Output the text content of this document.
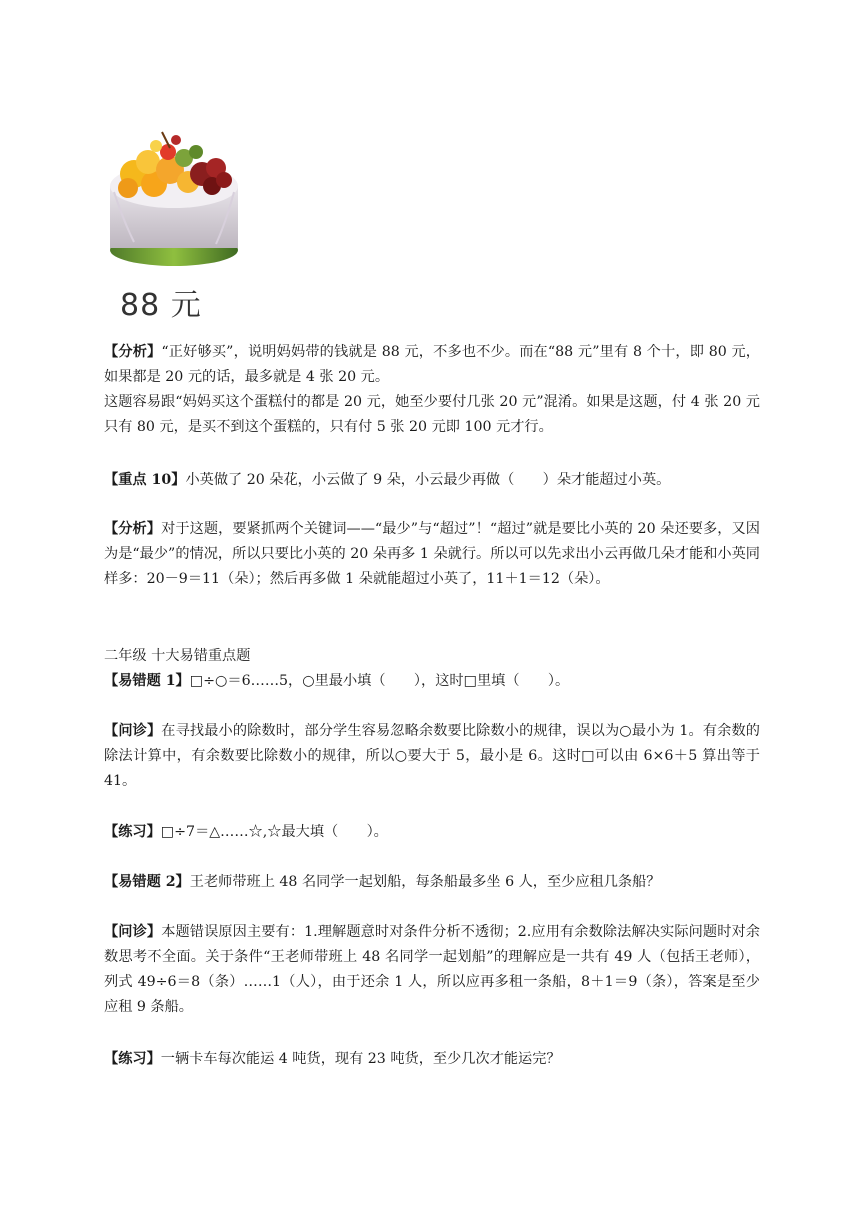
88 元

【分析】“正好够买”，说明妈妈带的钱就是 88 元，不多也不少。而在“88 元”里有 8 个十，即 80 元，如果都是 20 元的话，最多就是 4 张 20 元。

这题容易跟“妈妈买这个蛋糕付的都是 20 元，她至少要付几张 20 元”混淆。如果是这题，付 4 张 20 元只有 80 元，是买不到这个蛋糕的，只有付 5 张 20 元即 100 元才行。

【重点 10】小英做了 20 朵花，小云做了 9 朵，小云最少再做（　　）朵才能超过小英。

【分析】对于这题，要紧抓两个关键词——“最少”与“超过”！“超过”就是要比小英的 20 朵还要多，又因为是“最少”的情况，所以只要比小英的 20 朵再多 1 朵就行。所以可以先求出小云再做几朵才能和小英同样多：20－9＝11（朵）；然后再多做 1 朵就能超过小英了，11＋1＝12（朵）。

二年级 十大易错重点题

【易错题 1】□÷○＝6……5，○里最小填（　　），这时□里填（　　）。

【问诊】在寻找最小的除数时，部分学生容易忽略余数要比除数小的规律，误以为○最小为 1。有余数的除法计算中，有余数要比除数小的规律，所以○要大于 5，最小是 6。这时□可以由 6×6＋5 算出等于 41。

【练习】□÷7＝△……☆,☆最大填（　　）。

【易错题 2】王老师带班上 48 名同学一起划船，每条船最多坐 6 人，至少应租几条船？

【问诊】本题错误原因主要有：1.理解题意时对条件分析不透彻；2.应用有余数除法解决实际问题时对余数思考不全面。关于条件“王老师带班上 48 名同学一起划船”的理解应是一共有 49 人（包括王老师），列式 49÷6＝8（条）……1（人），由于还余 1 人，所以应再多租一条船，8＋1＝9（条），答案是至少应租 9 条船。

【练习】一辆卡车每次能运 4 吨货，现有 23 吨货，至少几次才能运完？
